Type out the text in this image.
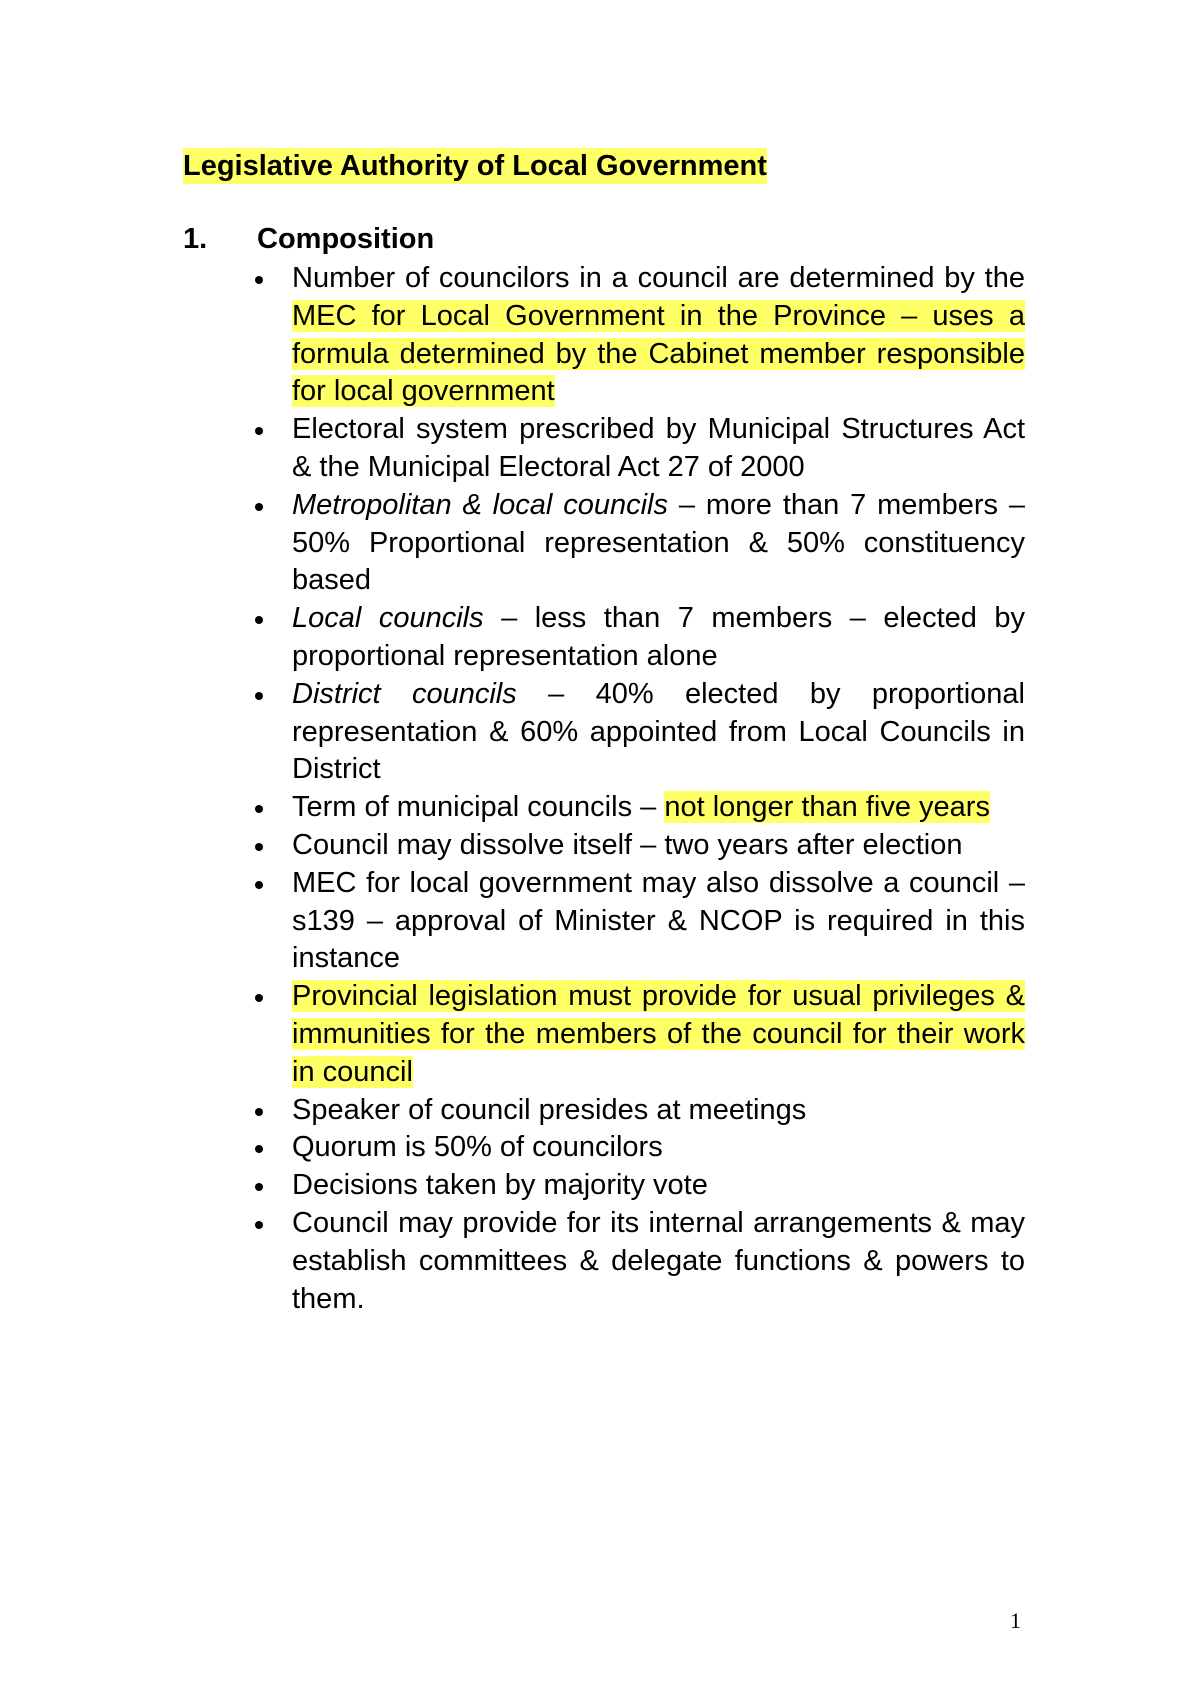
Legislative Authority of Local Government
1. Composition
Number of councilors in a council are determined by the MEC for Local Government in the Province – uses a formula determined by the Cabinet member responsible for local government
Electoral system prescribed by Municipal Structures Act & the Municipal Electoral Act 27 of 2000
Metropolitan & local councils – more than 7 members – 50% Proportional representation & 50% constituency based
Local councils – less than 7 members – elected by proportional representation alone
District councils – 40% elected by proportional representation & 60% appointed from Local Councils in District
Term of municipal councils – not longer than five years
Council may dissolve itself – two years after election
MEC for local government may also dissolve a council – s139 – approval of Minister & NCOP is required in this instance
Provincial legislation must provide for usual privileges & immunities for the members of the council for their work in council
Speaker of council presides at meetings
Quorum is 50% of councilors
Decisions taken by majority vote
Council may provide for its internal arrangements & may establish committees & delegate functions & powers to them.
1
